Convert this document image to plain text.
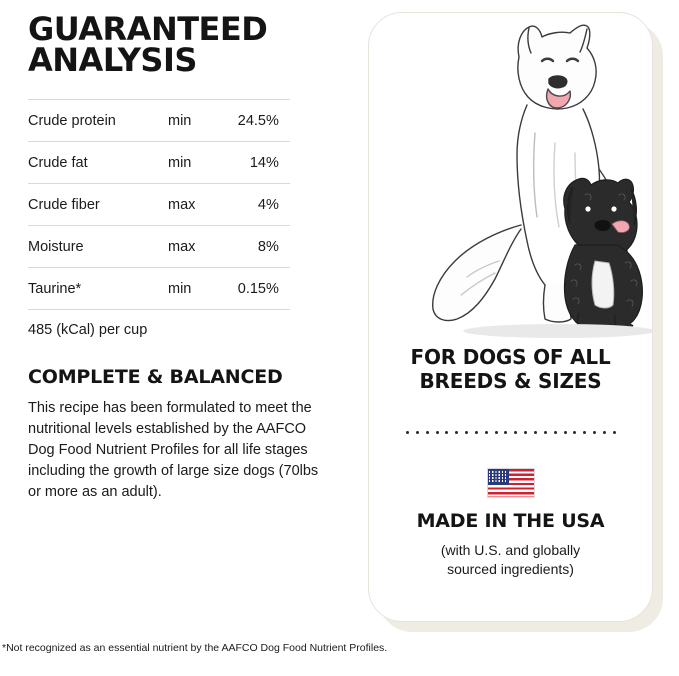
GUARANTEED
ANALYSIS
Crude protein	min	24.5	%
Crude fat	min	14	%
Crude fiber	max	4	%
Moisture	max	8	%
Taurine*	min	0.15	%

485 (kCal) per cup

COMPLETE & BALANCED

This recipe has been formulated to meet the nutritional levels established by the AAFCO Dog Food Nutrient Profiles for all life stages including the growth of large size dogs (70lbs or more as an adult).

*Not recognized as an essential nutrient by the AAFCO Dog Food Nutrient Profiles.

FOR DOGS OF ALL
BREEDS & SIZES
MADE IN THE USA
(with U.S. and globally
sourced ingredients)
